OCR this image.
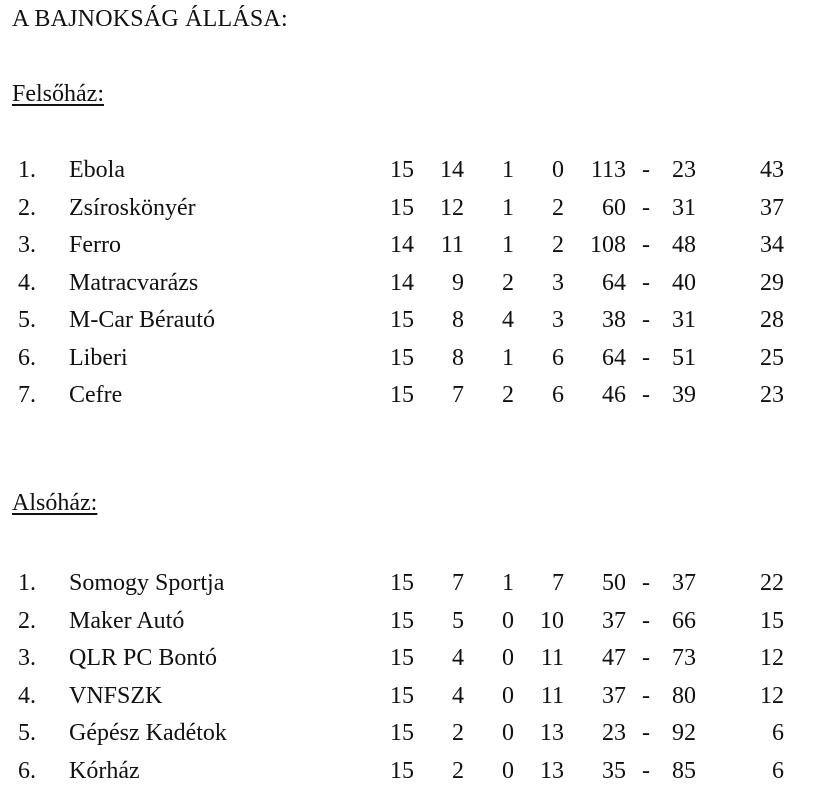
A BAJNOKSÁG ÁLLÁSA:
Felsőház:
1.	Ebola	15	14	1	0	113 - 23	43
2.	Zsíroskönyér	15	12	1	2	60 - 31	37
3.	Ferro	14	11	1	2	108 - 48	34
4.	Matracvarázs	14	9	2	3	64 - 40	29
5.	M-Car Bérautó	15	8	4	3	38 - 31	28
6.	Liberi	15	8	1	6	64 - 51	25
7.	Cefre	15	7	2	6	46 - 39	23
Alsóház:
1.	Somogy Sportja	15	7	1	7	50 - 37	22
2.	Maker Autó	15	5	0	10	37 - 66	15
3.	QLR PC Bontó	15	4	0	11	47 - 73	12
4.	VNFSZK	15	4	0	11	37 - 80	12
5.	Gépész Kadétok	15	2	0	13	23 - 92	6
6.	Kórház	15	2	0	13	35 - 85	6
